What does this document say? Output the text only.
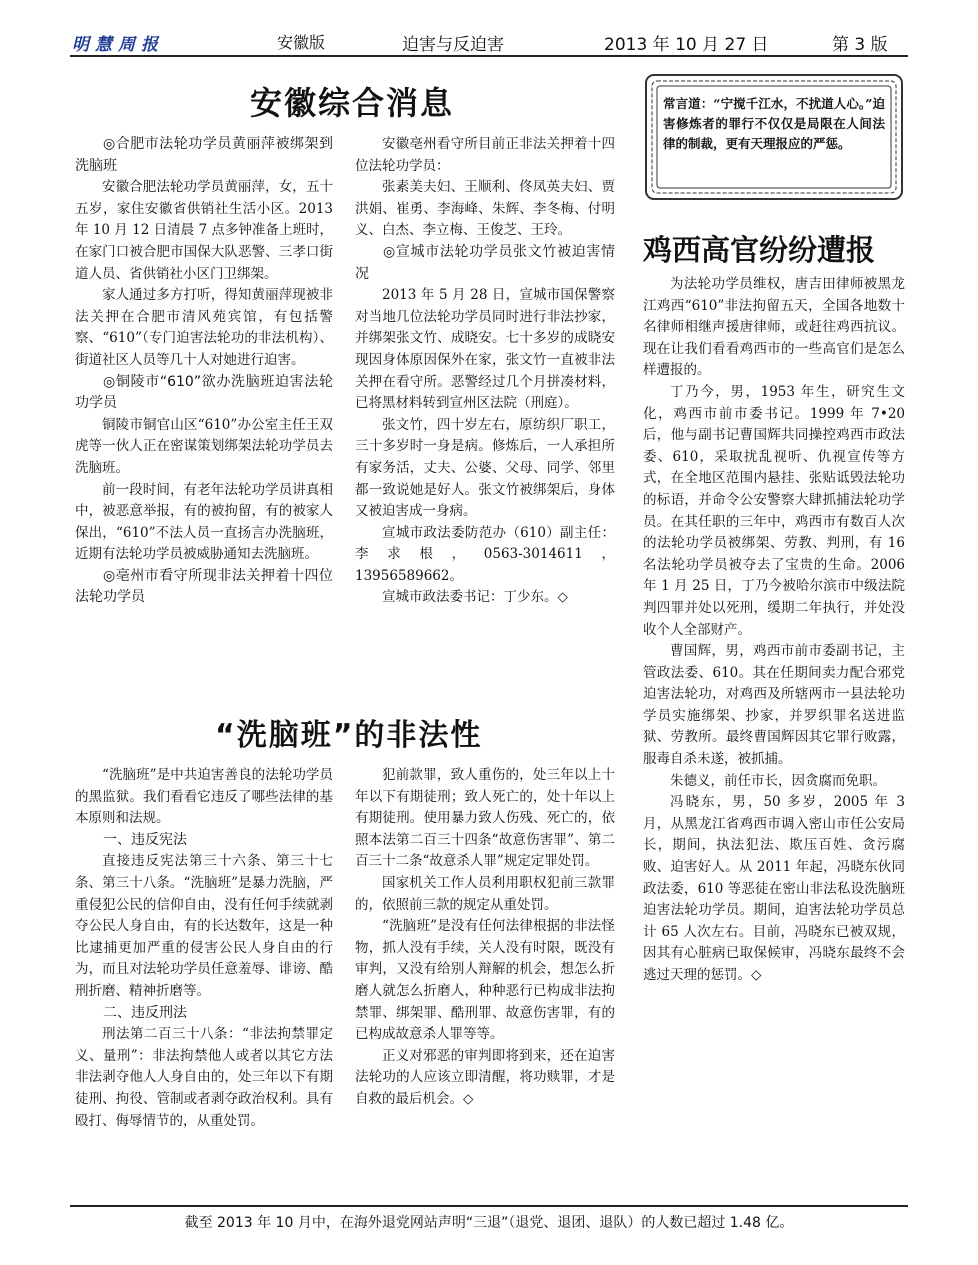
明慧周报	安徽版	迫害与反迫害	2013 年 10 月 27 日	第 3 版
安徽综合消息

◎合肥市法轮功学员黄丽萍被绑架到洗脑班

安徽合肥法轮功学员黄丽萍，女，五十五岁，家住安徽省供销社生活小区。2013 年 10 月 12 日清晨 7 点多钟准备上班时，在家门口被合肥市国保大队恶警、三孝口街道人员、省供销社小区门卫绑架。

家人通过多方打听，得知黄丽萍现被非法关押在合肥市清风苑宾馆，有包括警察、“610”（专门迫害法轮功的非法机构）、街道社区人员等几十人对她进行迫害。

◎铜陵市“610”欲办洗脑班迫害法轮功学员

铜陵市铜官山区“610”办公室主任王双虎等一伙人正在密谋策划绑架法轮功学员去洗脑班。

前一段时间，有老年法轮功学员讲真相中，被恶意举报，有的被拘留，有的被家人保出，“610”不法人员一直扬言办洗脑班，近期有法轮功学员被威胁通知去洗脑班。

◎亳州市看守所现非法关押着十四位法轮功学员

安徽亳州看守所目前正非法关押着十四位法轮功学员：

张素美夫妇、王顺利、佟凤英夫妇、贾洪娟、崔勇、李海峰、朱辉、李冬梅、付明义、白杰、李立梅、王俊芝、王玲。

◎宣城市法轮功学员张文竹被迫害情况

2013 年 5 月 28 日，宣城市国保警察对当地几位法轮功学员同时进行非法抄家，并绑架张文竹、成晓安。七十多岁的成晓安现因身体原因保外在家，张文竹一直被非法关押在看守所。恶警经过几个月拼凑材料，已将黑材料转到宣州区法院（刑庭）。

张文竹，四十岁左右，原纺织厂职工，三十多岁时一身是病。修炼后，一人承担所有家务活，丈夫、公婆、父母、同学、邻里都一致说她是好人。张文竹被绑架后，身体又被迫害成一身病。

宣城市政法委防范办（610）副主任：李求根，0563-3014611，13956589662。

宣城市政法委书记：丁少东。◇

“洗脑班”的非法性

“洗脑班”是中共迫害善良的法轮功学员的黑监狱。我们看看它违反了哪些法律的基本原则和法规。

一、违反宪法

直接违反宪法第三十六条、第三十七条、第三十八条。“洗脑班”是暴力洗脑，严重侵犯公民的信仰自由，没有任何手续就剥夺公民人身自由，有的长达数年，这是一种比逮捕更加严重的侵害公民人身自由的行为，而且对法轮功学员任意羞辱、诽谤、酷刑折磨、精神折磨等。

二、违反刑法

刑法第二百三十八条：“非法拘禁罪定义、量刑”：非法拘禁他人或者以其它方法非法剥夺他人人身自由的，处三年以下有期徒刑、拘役、管制或者剥夺政治权利。具有殴打、侮辱情节的，从重处罚。

犯前款罪，致人重伤的，处三年以上十年以下有期徒刑；致人死亡的，处十年以上有期徒刑。使用暴力致人伤残、死亡的，依照本法第二百三十四条“故意伤害罪”、第二百三十二条“故意杀人罪”规定定罪处罚。

国家机关工作人员利用职权犯前三款罪的，依照前三款的规定从重处罚。

“洗脑班”是没有任何法律根据的非法怪物，抓人没有手续，关人没有时限，既没有审判，又没有给别人辩解的机会，想怎么折磨人就怎么折磨人，种种恶行已构成非法拘禁罪、绑架罪、酷刑罪、故意伤害罪，有的已构成故意杀人罪等等。

正义对邪恶的审判即将到来，还在迫害法轮功的人应该立即清醒，将功赎罪，才是自救的最后机会。◇

常言道：“宁搅千江水，不扰道人心。”迫害修炼者的罪行不仅仅是局限在人间法律的制裁，更有天理报应的严惩。
鸡西高官纷纷遭报

为法轮功学员维权，唐吉田律师被黑龙江鸡西“610”非法拘留五天，全国各地数十名律师相继声援唐律师，或赶往鸡西抗议。现在让我们看看鸡西市的一些高官们是怎么样遭报的。

丁乃今，男，1953 年生，研究生文化，鸡西市前市委书记。1999 年 7•20 后，他与副书记曹国辉共同操控鸡西市政法委、610，采取扰乱视听、仇视宣传等方式，在全地区范围内悬挂、张贴诋毁法轮功的标语，并命令公安警察大肆抓捕法轮功学员。在其任职的三年中，鸡西市有数百人次的法轮功学员被绑架、劳教、判刑，有 16 名法轮功学员被夺去了宝贵的生命。2006 年 1 月 25 日，丁乃今被哈尔滨市中级法院判四罪并处以死刑，缓期二年执行，并处没收个人全部财产。

曹国辉，男，鸡西市前市委副书记，主管政法委、610。其在任期间卖力配合邪党迫害法轮功，对鸡西及所辖两市一县法轮功学员实施绑架、抄家，并罗织罪名送进监狱、劳教所。最终曹国辉因其它罪行败露，服毒自杀未遂，被抓捕。

朱德义，前任市长，因贪腐而免职。

冯晓东，男，50 多岁，2005 年 3 月，从黑龙江省鸡西市调入密山市任公安局长，期间，执法犯法、欺压百姓、贪污腐败、迫害好人。从 2011 年起，冯晓东伙同政法委，610 等恶徒在密山非法私设洗脑班迫害法轮功学员。期间，迫害法轮功学员总计 65 人次左右。目前，冯晓东已被双规，因其有心脏病已取保候审，冯晓东最终不会逃过天理的惩罚。◇

截至 2013 年 10 月中，在海外退党网站声明“三退”（退党、退团、退队）的人数已超过 1.48 亿。
